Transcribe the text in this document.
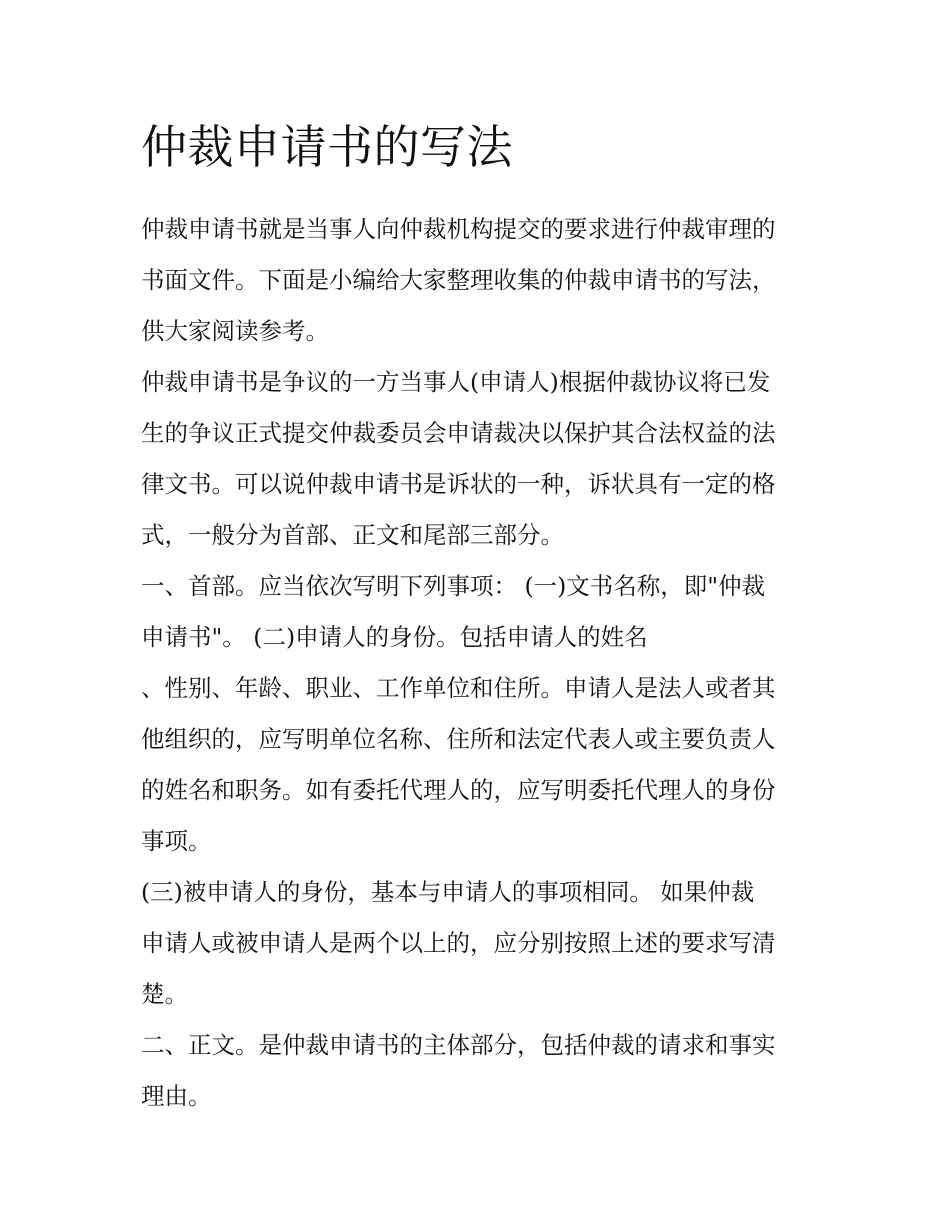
仲裁申请书的写法
仲裁申请书就是当事人向仲裁机构提交的要求进行仲裁审理的
书面文件。下面是小编给大家整理收集的仲裁申请书的写法，
供大家阅读参考。
仲裁申请书是争议的一方当事人(申请人)根据仲裁协议将已发
生的争议正式提交仲裁委员会申请裁决以保护其合法权益的法
律文书。可以说仲裁申请书是诉状的一种，诉状具有一定的格
式，一般分为首部、正文和尾部三部分。
一、首部。应当依次写明下列事项： (一)文书名称，即"仲裁
申请书"。 (二)申请人的身份。包括申请人的姓名
、性别、年龄、职业、工作单位和住所。申请人是法人或者其
他组织的，应写明单位名称、住所和法定代表人或主要负责人
的姓名和职务。如有委托代理人的，应写明委托代理人的身份
事项。
(三)被申请人的身份，基本与申请人的事项相同。 如果仲裁
申请人或被申请人是两个以上的，应分别按照上述的要求写清
楚。
二、正文。是仲裁申请书的主体部分，包括仲裁的请求和事实
理由。
